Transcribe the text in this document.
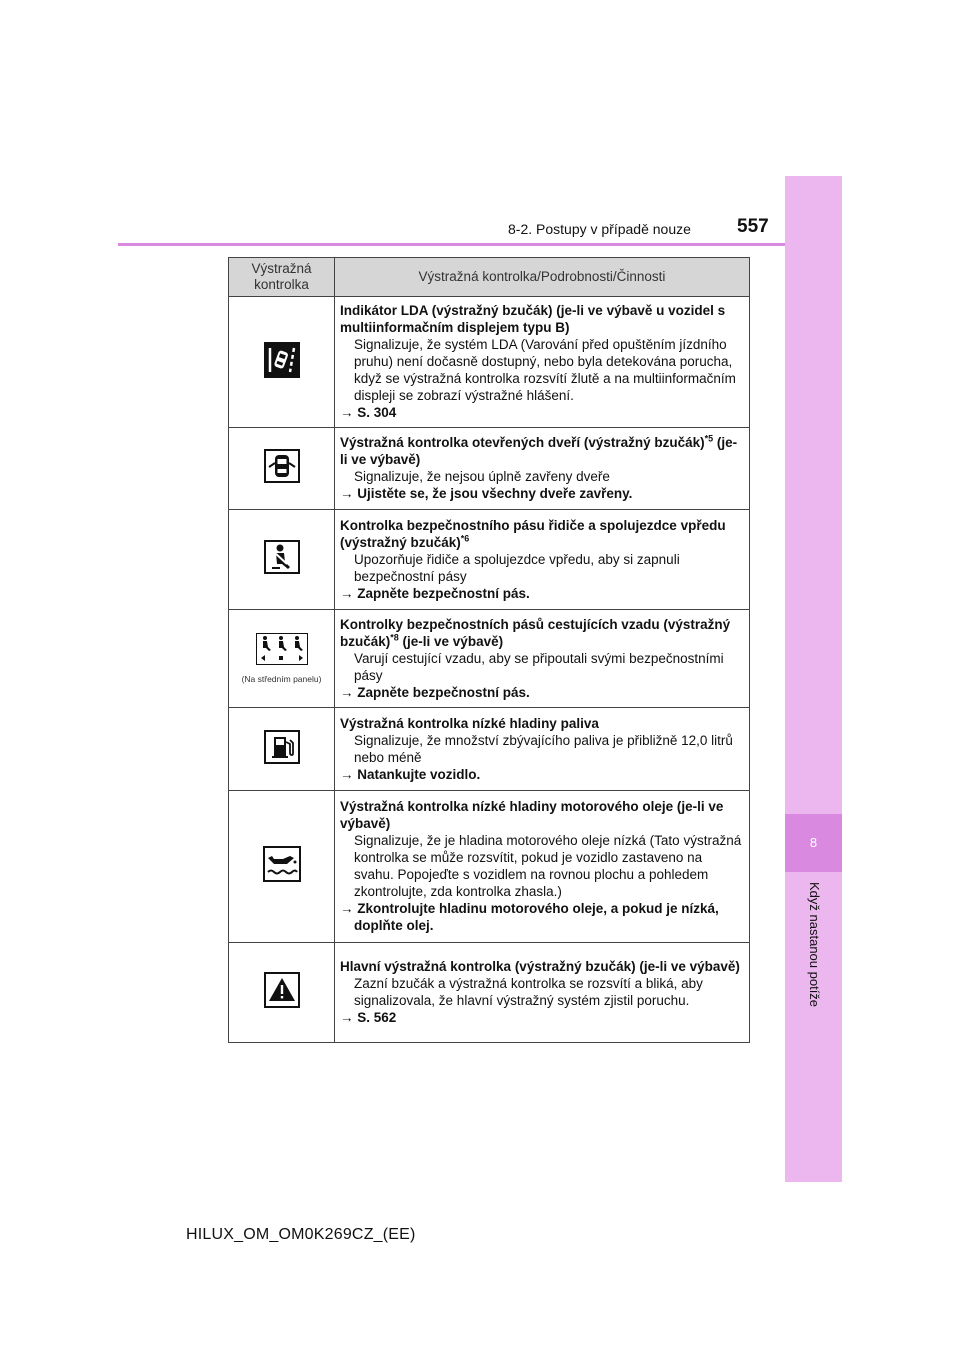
8
Když nastanou potíže
8-2. Postupy v případě nouze 557
Výstražná kontrolka	Výstražná kontrolka/Podrobnosti/Činnosti

Indikátor LDA (výstražný bzučák) (je-li ve výbavě u vozidel s multiinformačním displejem typu B)
Signalizuje, že systém LDA (Varování před opuštěním jízdního pruhu) není dočasně dostupný, nebo byla detekována porucha, když se výstražná kontrolka rozsvítí žlutě a na multiinformačním displeji se zobrazí výstražné hlášení.
→ S. 304

Výstražná kontrolka otevřených dveří (výstražný bzučák)$^{*5}$ (je-li ve výbavě)
Signalizuje, že nejsou úplně zavřeny dveře
→ Ujistěte se, že jsou všechny dveře zavřeny.

Kontrolka bezpečnostního pásu řidiče a spolujezdce vpředu (výstražný bzučák)$^{*6}$
Upozorňuje řidiče a spolujezdce vpředu, aby si zapnuli bezpečnostní pásy
→ Zapněte bezpečnostní pás.

(Na středním panelu)	Kontrolky bezpečnostních pásů cestujících vzadu (výstražný bzučák)$^{*8}$ (je-li ve výbavě)
Varují cestující vzadu, aby se připoutali svými bezpečnostními pásy
→ Zapněte bezpečnostní pás.

Výstražná kontrolka nízké hladiny paliva
Signalizuje, že množství zbývajícího paliva je přibližně 12,0 litrů nebo méně
→ Natankujte vozidlo.

Výstražná kontrolka nízké hladiny motorového oleje (je-li ve výbavě)
Signalizuje, že je hladina motorového oleje nízká (Tato výstražná kontrolka se může rozsvítit, pokud je vozidlo zastaveno na svahu. Popojeďte s vozidlem na rovnou plochu a pohledem zkontrolujte, zda kontrolka zhasla.)
→ Zkontrolujte hladinu motorového oleje, a pokud je nízká, doplňte olej.

Hlavní výstražná kontrolka (výstražný bzučák) (je-li ve výbavě)
Zazní bzučák a výstražná kontrolka se rozsvítí a bliká, aby signalizovala, že hlavní výstražný systém zjistil poruchu.
→ S. 562
HILUX_OM_OM0K269CZ_(EE)
